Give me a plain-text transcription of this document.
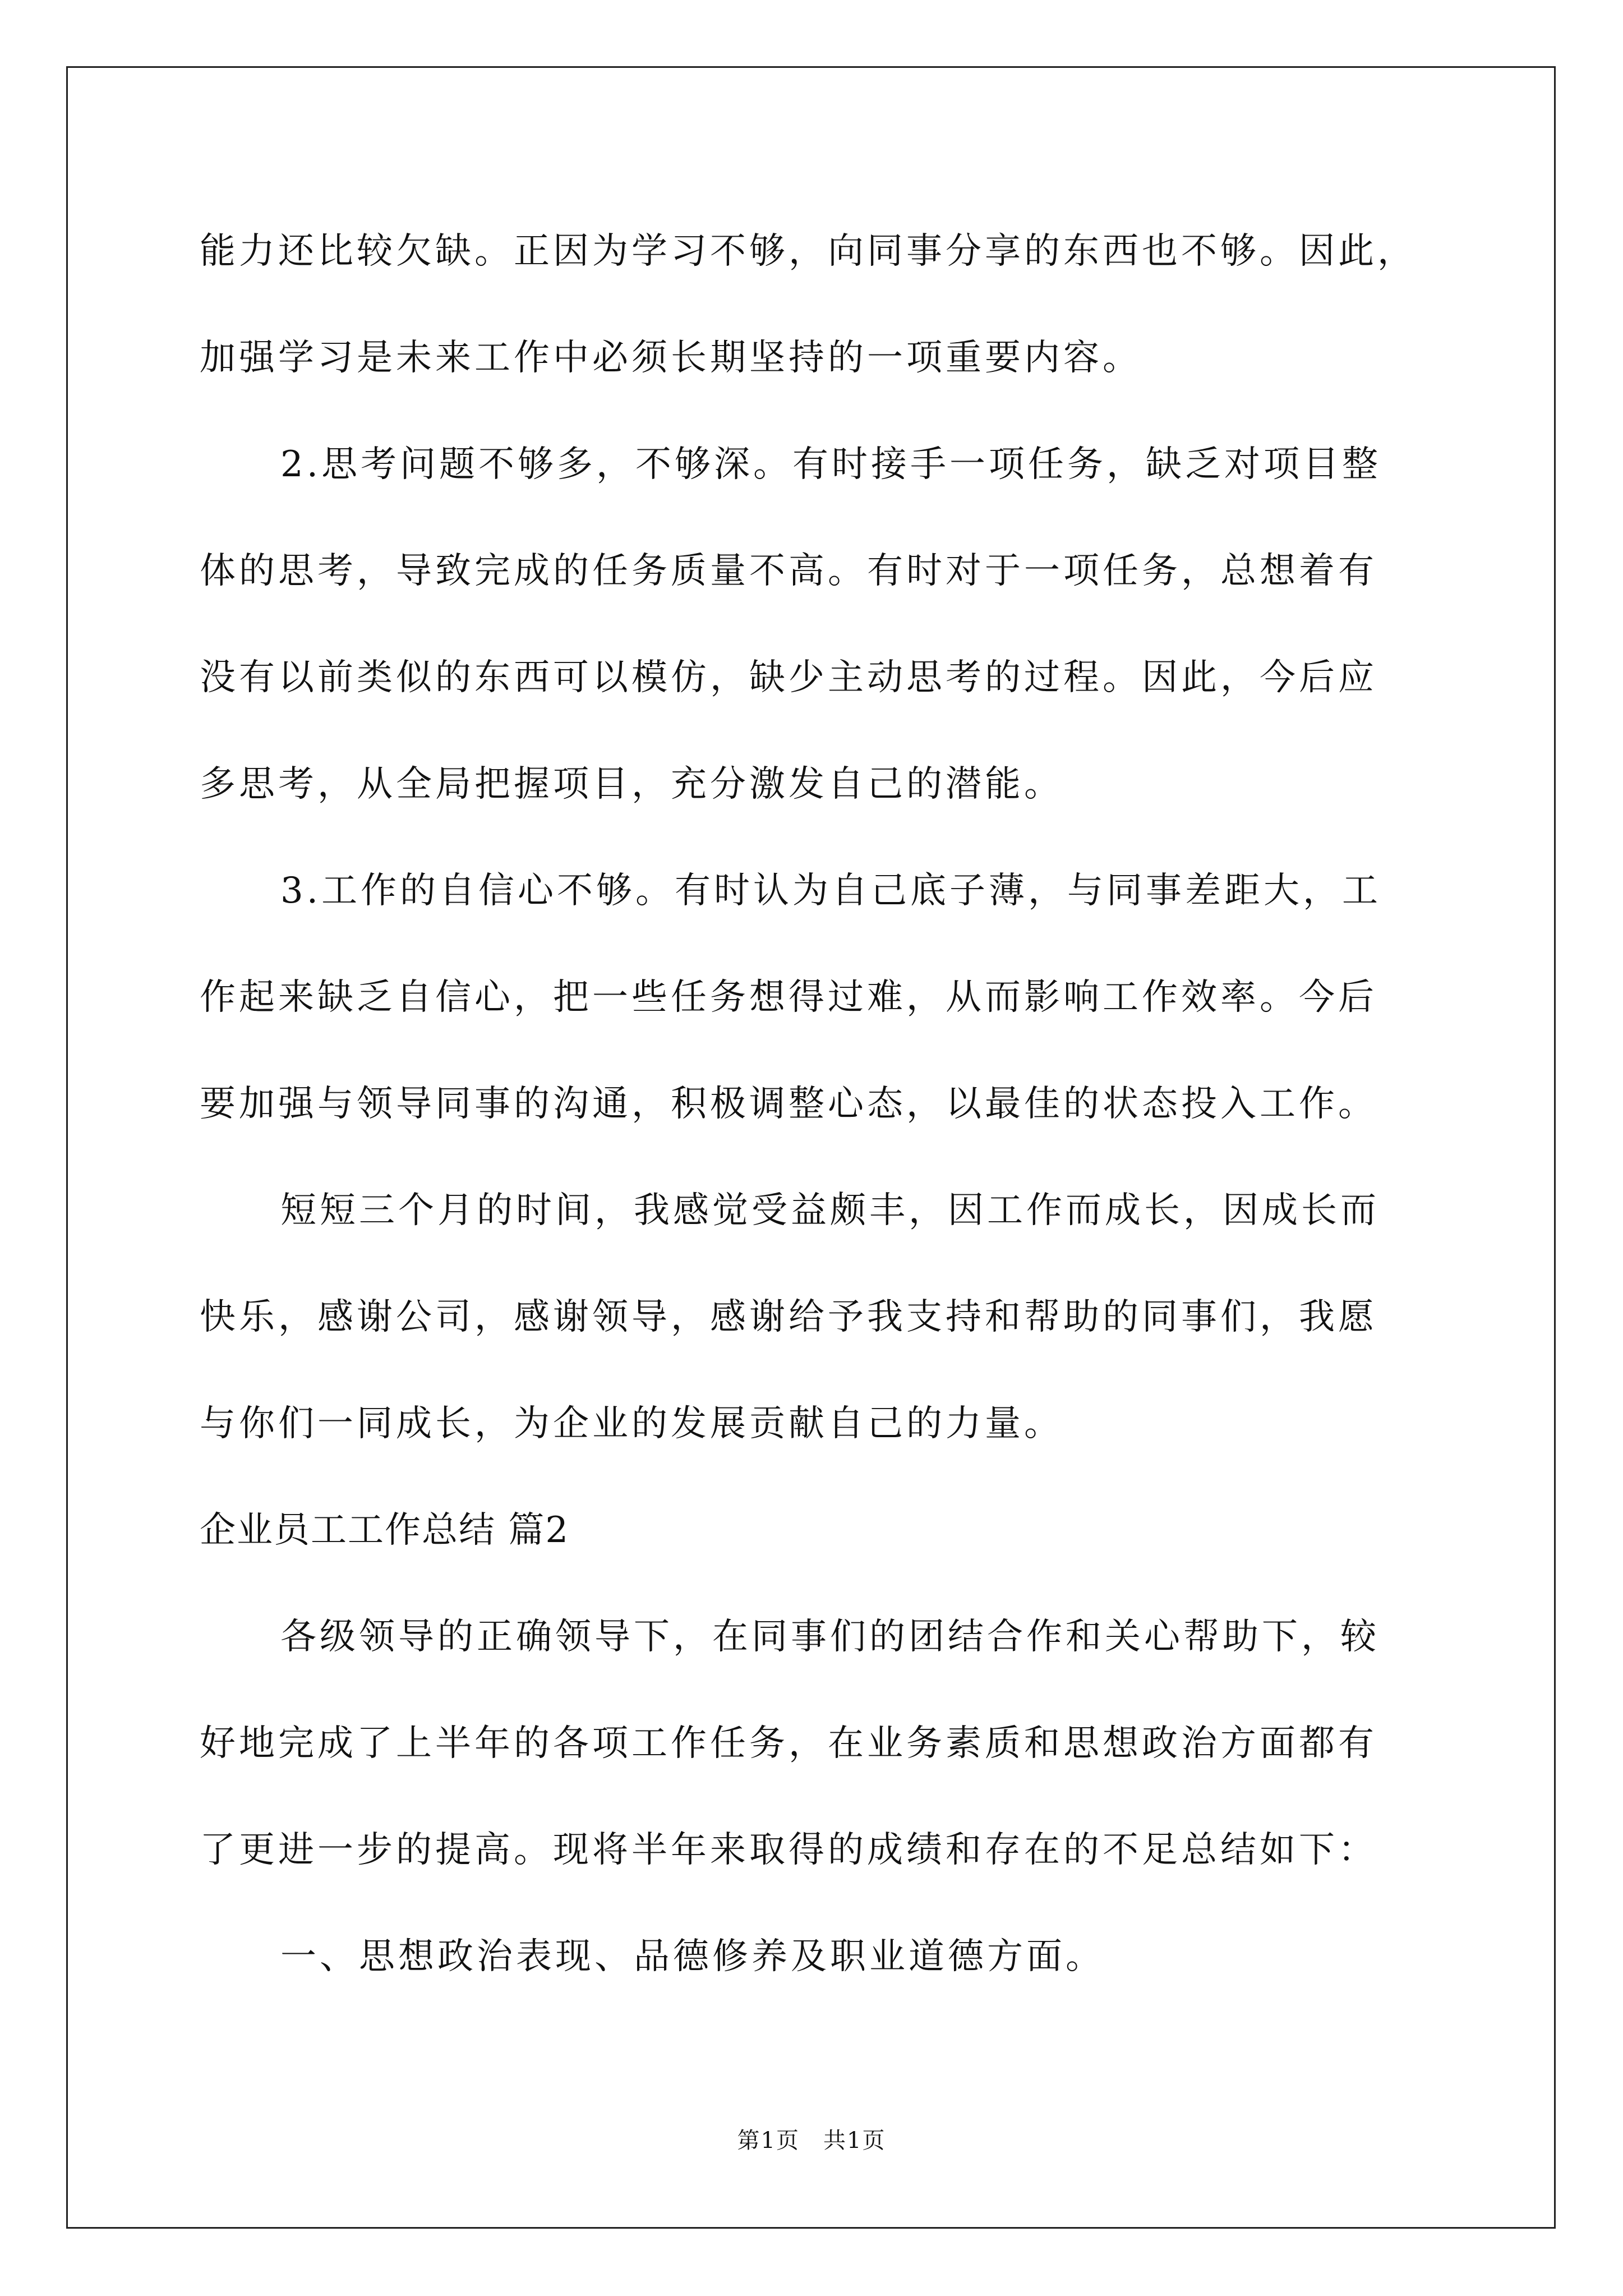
能力还比较欠缺。正因为学习不够，向同事分享的东西也不够。因此，
加强学习是未来工作中必须长期坚持的一项重要内容。
2.思考问题不够多，不够深。有时接手一项任务，缺乏对项目整
体的思考，导致完成的任务质量不高。有时对于一项任务，总想着有
没有以前类似的东西可以模仿，缺少主动思考的过程。因此，今后应
多思考，从全局把握项目，充分激发自己的潜能。
3.工作的自信心不够。有时认为自己底子薄，与同事差距大，工
作起来缺乏自信心，把一些任务想得过难，从而影响工作效率。今后
要加强与领导同事的沟通，积极调整心态，以最佳的状态投入工作。
短短三个月的时间，我感觉受益颇丰，因工作而成长，因成长而
快乐，感谢公司，感谢领导，感谢给予我支持和帮助的同事们，我愿
与你们一同成长，为企业的发展贡献自己的力量。
企业员工工作总结 篇2
各级领导的正确领导下，在同事们的团结合作和关心帮助下，较
好地完成了上半年的各项工作任务，在业务素质和思想政治方面都有
了更进一步的提高。现将半年来取得的成绩和存在的不足总结如下：
一、思想政治表现、品德修养及职业道德方面。
第1页　共1页
